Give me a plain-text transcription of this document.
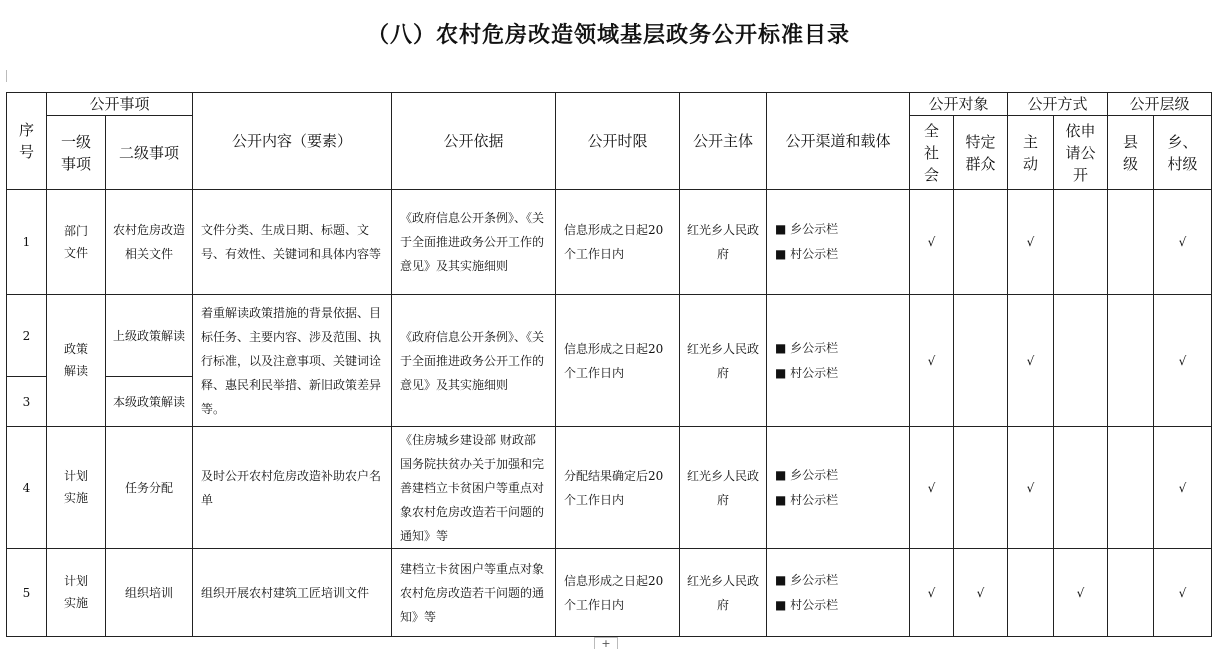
（八）农村危房改造领域基层政务公开标准目录
序号	公开事项		公开内容（要素）	公开依据	公开时限	公开主体	公开渠道和载体	公开对象		公开方式		公开层级	
	一级事项	二级事项						全社会	特定群众	主动	依申请公开	县级	乡、村级
1	部门文件	农村危房改造相关文件	文件分类、生成日期、标题、文号、有效性、关键词和具体内容等	《政府信息公开条例》、《关于全面推进政务公开工作的意见》及其实施细则	信息形成之日起20 个工作日内	红光乡人民政府	■ 乡公示栏
■ 村公示栏	√		√			√
2	政策解读	上级政策解读	着重解读政策措施的背景依据、目标任务、主要内容、涉及范围、执行标准，以及注意事项、关键词诠释、惠民利民举措、新旧政策差异等。	《政府信息公开条例》、《关于全面推进政务公开工作的意见》及其实施细则	信息形成之日起20 个工作日内	红光乡人民政府	■ 乡公示栏
■ 村公示栏	√		√			√
3		本级政策解读											
4	计划实施	任务分配	及时公开农村危房改造补助农户名单	《住房城乡建设部 财政部 国务院扶贫办关于加强和完善建档立卡贫困户等重点对象农村危房改造若干问题的通知》等	分配结果确定后20 个工作日内	红光乡人民政府	■ 乡公示栏
■ 村公示栏	√		√			√
5	计划实施	组织培训	组织开展农村建筑工匠培训文件	建档立卡贫困户等重点对象农村危房改造若干问题的通知》等	信息形成之日起20 个工作日内	红光乡人民政府	■ 乡公示栏
■ 村公示栏	√	√		√		√
+
